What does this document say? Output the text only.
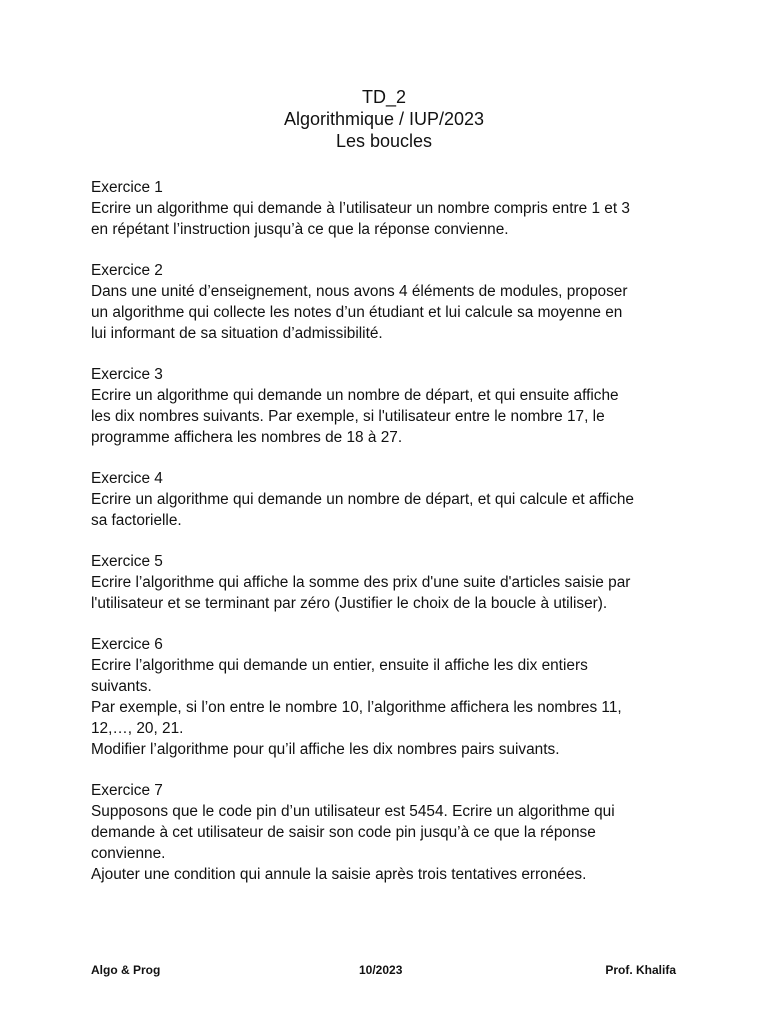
TD_2
Algorithmique / IUP/2023
Les boucles
Exercice 1
Ecrire un algorithme qui demande à l’utilisateur un nombre compris entre 1 et 3
en répétant l’instruction jusqu’à ce que la réponse convienne.
Exercice 2
Dans une unité d’enseignement, nous avons 4 éléments de modules, proposer
un algorithme qui collecte les notes d’un étudiant et lui calcule sa moyenne en
lui informant de sa situation d’admissibilité.
Exercice 3
Ecrire un algorithme qui demande un nombre de départ, et qui ensuite affiche
les dix nombres suivants. Par exemple, si l'utilisateur entre le nombre 17, le
programme affichera les nombres de 18 à 27.
Exercice 4
Ecrire un algorithme qui demande un nombre de départ, et qui calcule et affiche
sa factorielle.
Exercice 5
Ecrire l’algorithme qui affiche la somme des prix d'une suite d'articles saisie par
l'utilisateur et se terminant par zéro (Justifier le choix de la boucle à utiliser).
Exercice 6
Ecrire l’algorithme qui demande un entier, ensuite il affiche les dix entiers
suivants.
Par exemple, si l’on entre le nombre 10, l’algorithme affichera les nombres 11,
12,…, 20, 21.
Modifier l’algorithme pour qu’il affiche les dix nombres pairs suivants.
Exercice 7
Supposons que le code pin d’un utilisateur est 5454. Ecrire un algorithme qui
demande à cet utilisateur de saisir son code pin jusqu’à ce que la réponse
convienne.
Ajouter une condition qui annule la saisie après trois tentatives erronées.
Algo & Prog	10/2023	Prof. Khalifa
